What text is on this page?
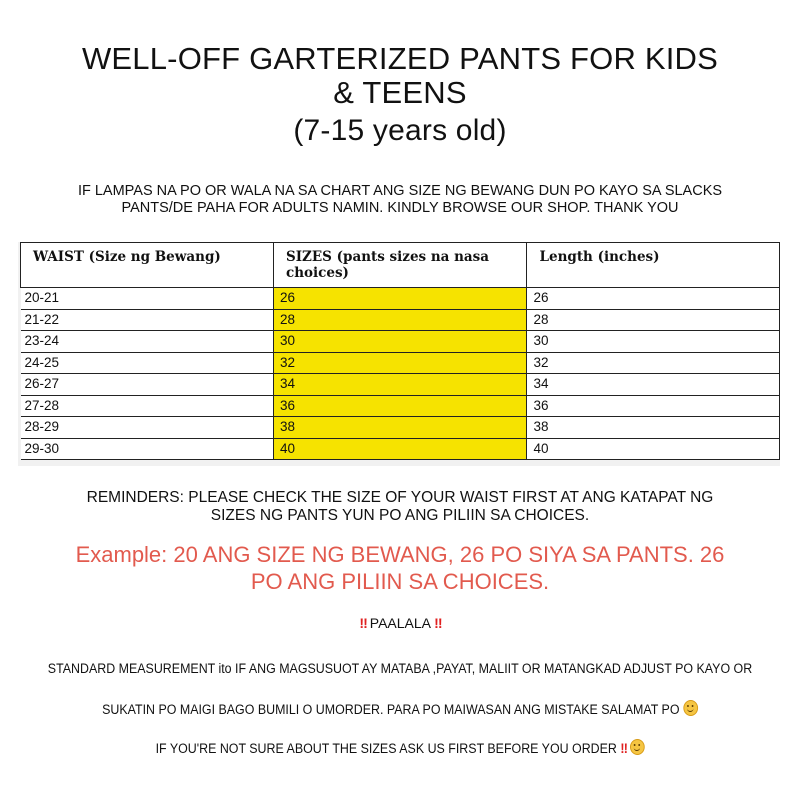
WELL-OFF GARTERIZED PANTS FOR KIDS
& TEENS
(7-15 years old)
IF LAMPAS NA PO OR WALA NA SA CHART ANG SIZE NG BEWANG DUN PO KAYO SA SLACKS
PANTS/DE PAHA FOR ADULTS NAMIN. KINDLY BROWSE OUR SHOP. THANK YOU
WAIST (Size ng Bewang)	SIZES (pants sizes na nasa choices)	Length (inches)
20-21	26	26
21-22	28	28
23-24	30	30
24-25	32	32
26-27	34	34
27-28	36	36
28-29	38	38
29-30	40	40
REMINDERS: PLEASE CHECK THE SIZE OF YOUR WAIST FIRST AT ANG KATAPAT NG
SIZES NG PANTS YUN PO ANG PILIIN SA CHOICES.
Example: 20 ANG SIZE NG BEWANG, 26 PO SIYA SA PANTS. 26
PO ANG PILIIN SA CHOICES.
‼ PAALALA ‼
STANDARD MEASUREMENT ito IF ANG MAGSUSUOT AY MATABA ,PAYAT, MALIIT OR MATANGKAD ADJUST PO KAYO OR
SUKATIN PO MAIGI BAGO BUMILI O UMORDER. PARA PO MAIWASAN ANG MISTAKE SALAMAT PO
IF YOU'RE NOT SURE ABOUT THE SIZES ASK US FIRST BEFORE YOU ORDER ‼
